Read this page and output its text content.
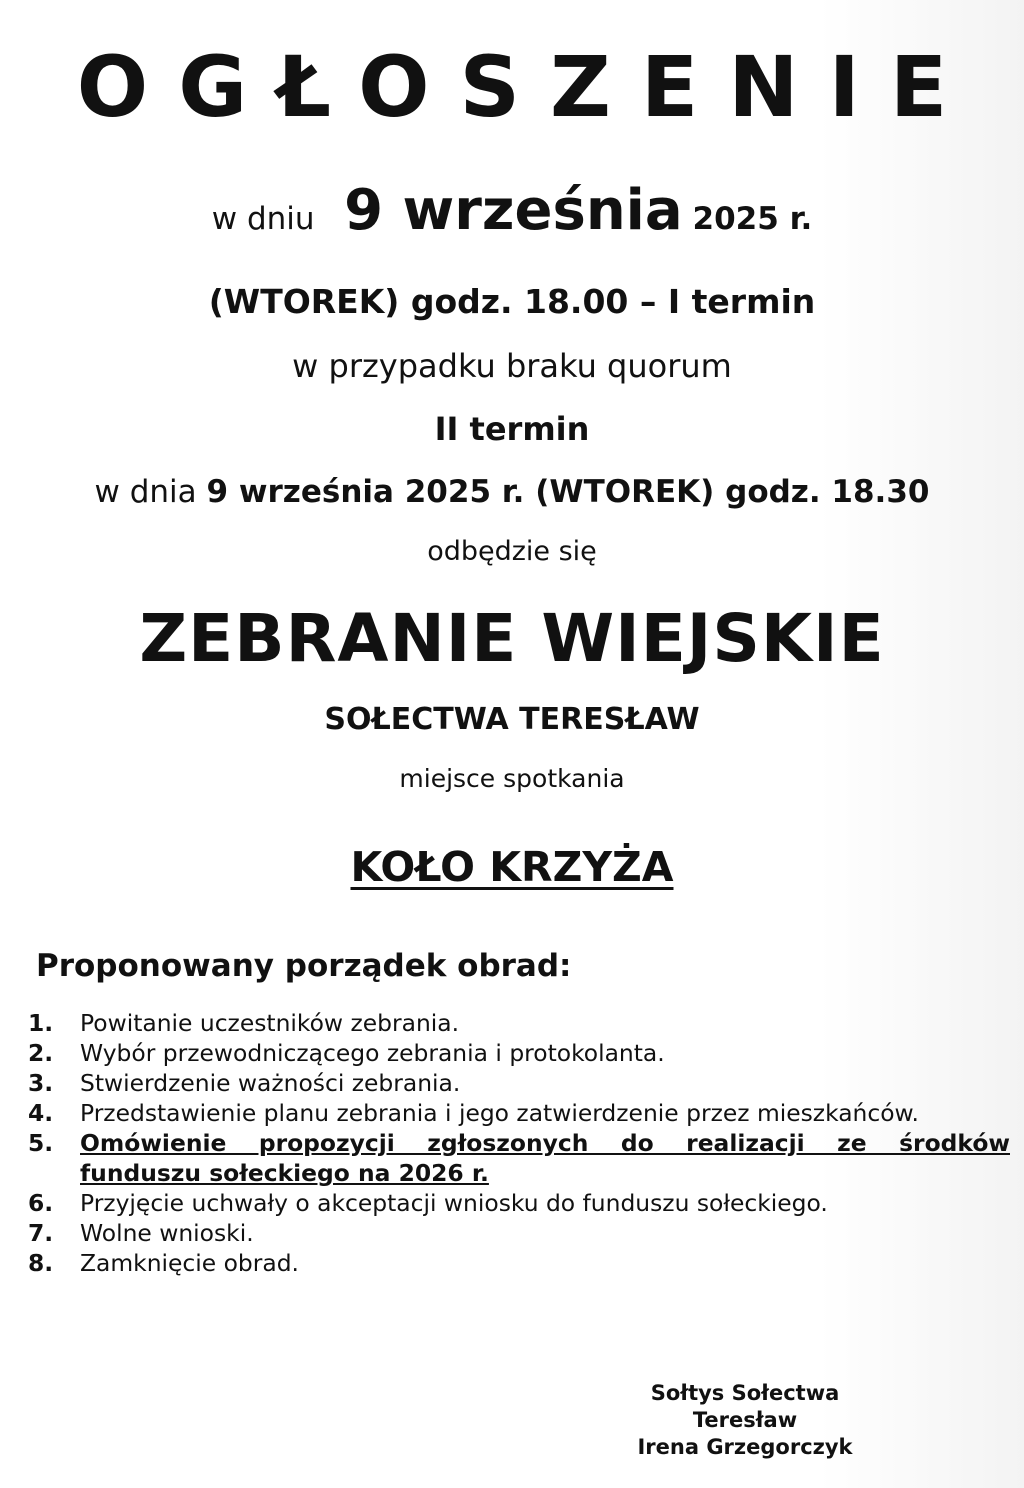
OGŁOSZENIE
w dniu 9 września 2025 r.
(WTOREK) godz. 18.00 – I termin
w przypadku braku quorum
II termin
w dnia 9 września 2025 r. (WTOREK) godz. 18.30
odbędzie się
ZEBRANIE WIEJSKIE
SOŁECTWA TERESŁAW
miejsce spotkania
KOŁO KRZYŻA
Proponowany porządek obrad:
1.	Powitanie uczestników zebrania.
2.	Wybór przewodniczącego zebrania i protokolanta.
3.	Stwierdzenie ważności zebrania.
4.	Przedstawienie planu zebrania i jego zatwierdzenie przez mieszkańców.
5.	Omówienie propozycji zgłoszonych do realizacji ze środków
funduszu sołeckiego na 2026 r.
6.	Przyjęcie uchwały o akceptacji wniosku do funduszu sołeckiego.
7.	Wolne wnioski.
8.	Zamknięcie obrad.
Sołtys Sołectwa
Teresław
Irena Grzegorczyk
